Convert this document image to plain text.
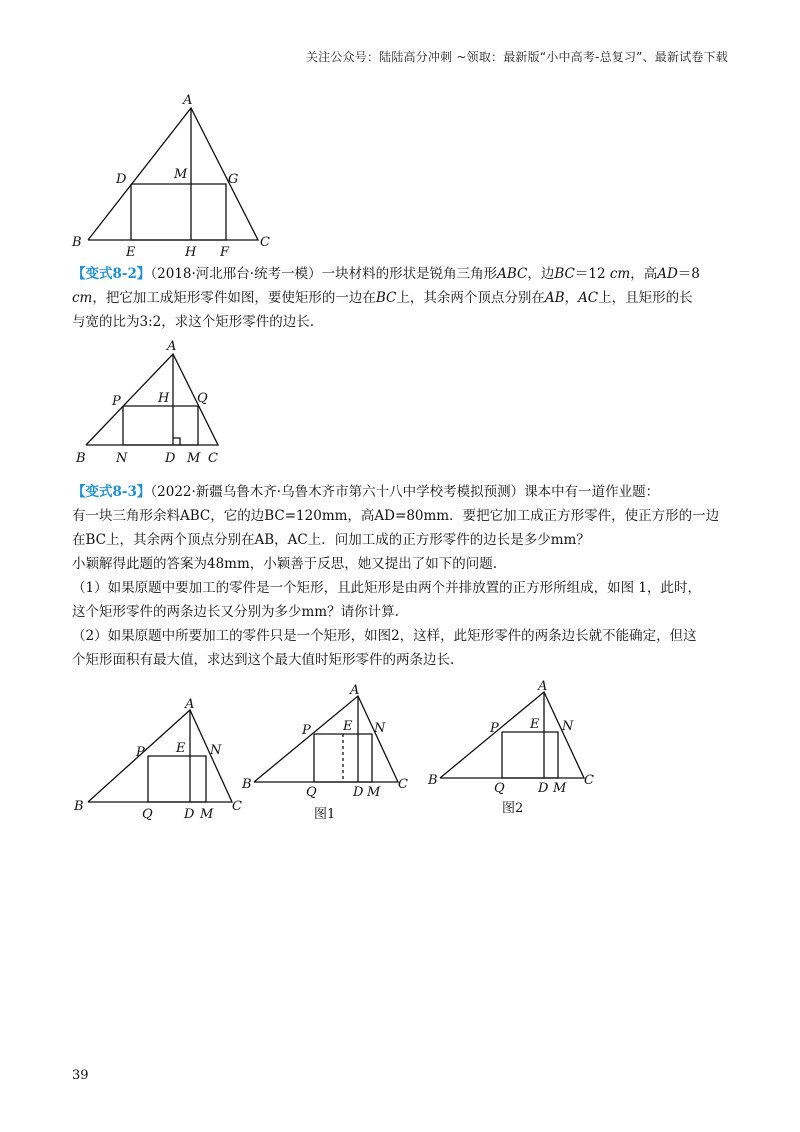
关注公众号：陆陆高分冲刺 ~领取：最新版“小中高考-总复习”、最新试卷下载
A
B	C
D	G
M
E	H F
【变式8-2】（2018·河北邢台·统考一模）一块材料的形状是锐角三角形ABC，边BC＝12 cm，高AD＝8
cm，把它加工成矩形零件如图，要使矩形的一边在BC上，其余两个顶点分别在AB，AC上，且矩形的长
与宽的比为3:2，求这个矩形零件的边长.
A
P	H Q
B N	D M C
【变式8-3】（2022·新疆乌鲁木齐·乌鲁木齐市第六十八中学校考模拟预测）课本中有一道作业题：
有一块三角形余料ABC，它的边BC=120mm，高AD=80mm．要把它加工成正方形零件，使正方形的一边
在BC上，其余两个顶点分别在AB，AC上．问加工成的正方形零件的边长是多少mm？
小颖解得此题的答案为48mm，小颖善于反思，她又提出了如下的问题.
（1）如果原题中要加工的零件是一个矩形，且此矩形是由两个并排放置的正方形所组成，如图 1，此时，
这个矩形零件的两条边长又分别为多少mm？请你计算.
（2）如果原题中所要加工的零件只是一个矩形，如图2，这样，此矩形零件的两条边长就不能确定，但这
个矩形面积有最大值，求达到这个最大值时矩形零件的两条边长.
A
P E N
B
Q D M
C
A
P E N
B
Q	D M
C
图1
A
P E N
B
Q	D M
C
图2
39
